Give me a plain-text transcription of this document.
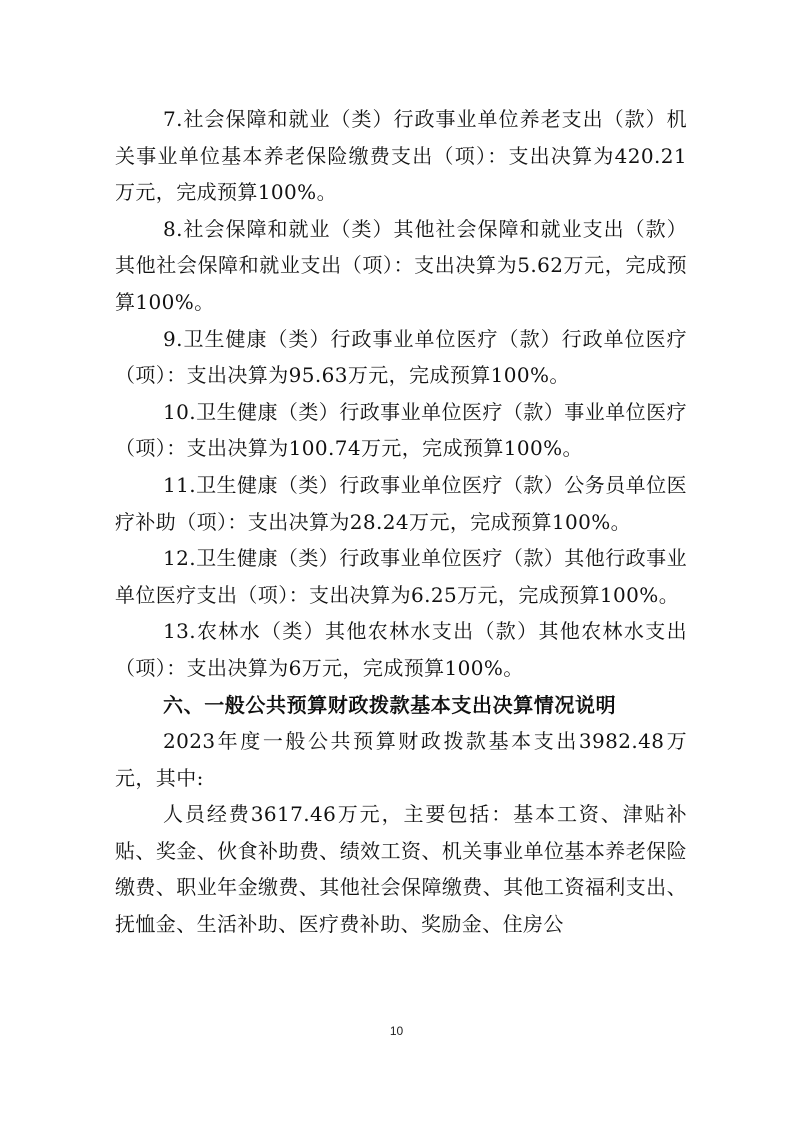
7.社会保障和就业（类）行政事业单位养老支出（款）机关事业单位基本养老保险缴费支出（项）：支出决算为420.21万元，完成预算100%。

8.社会保障和就业（类）其他社会保障和就业支出（款）其他社会保障和就业支出（项）：支出决算为5.62万元，完成预算100%。

9.卫生健康（类）行政事业单位医疗（款）行政单位医疗（项）：支出决算为95.63万元，完成预算100%。

10.卫生健康（类）行政事业单位医疗（款）事业单位医疗（项）：支出决算为100.74万元，完成预算100%。

11.卫生健康（类）行政事业单位医疗（款）公务员单位医疗补助（项）：支出决算为28.24万元，完成预算100%。

12.卫生健康（类）行政事业单位医疗（款）其他行政事业单位医疗支出（项）：支出决算为6.25万元，完成预算100%。

13.农林水（类）其他农林水支出（款）其他农林水支出（项）：支出决算为6万元，完成预算100%。

六、一般公共预算财政拨款基本支出决算情况说明

2023年度一般公共预算财政拨款基本支出3982.48万元，其中:

人员经费3617.46万元，主要包括：基本工资、津贴补贴、奖金、伙食补助费、绩效工资、机关事业单位基本养老保险缴费、职业年金缴费、其他社会保障缴费、其他工资福利支出、抚恤金、生活补助、医疗费补助、奖励金、住房公

10
